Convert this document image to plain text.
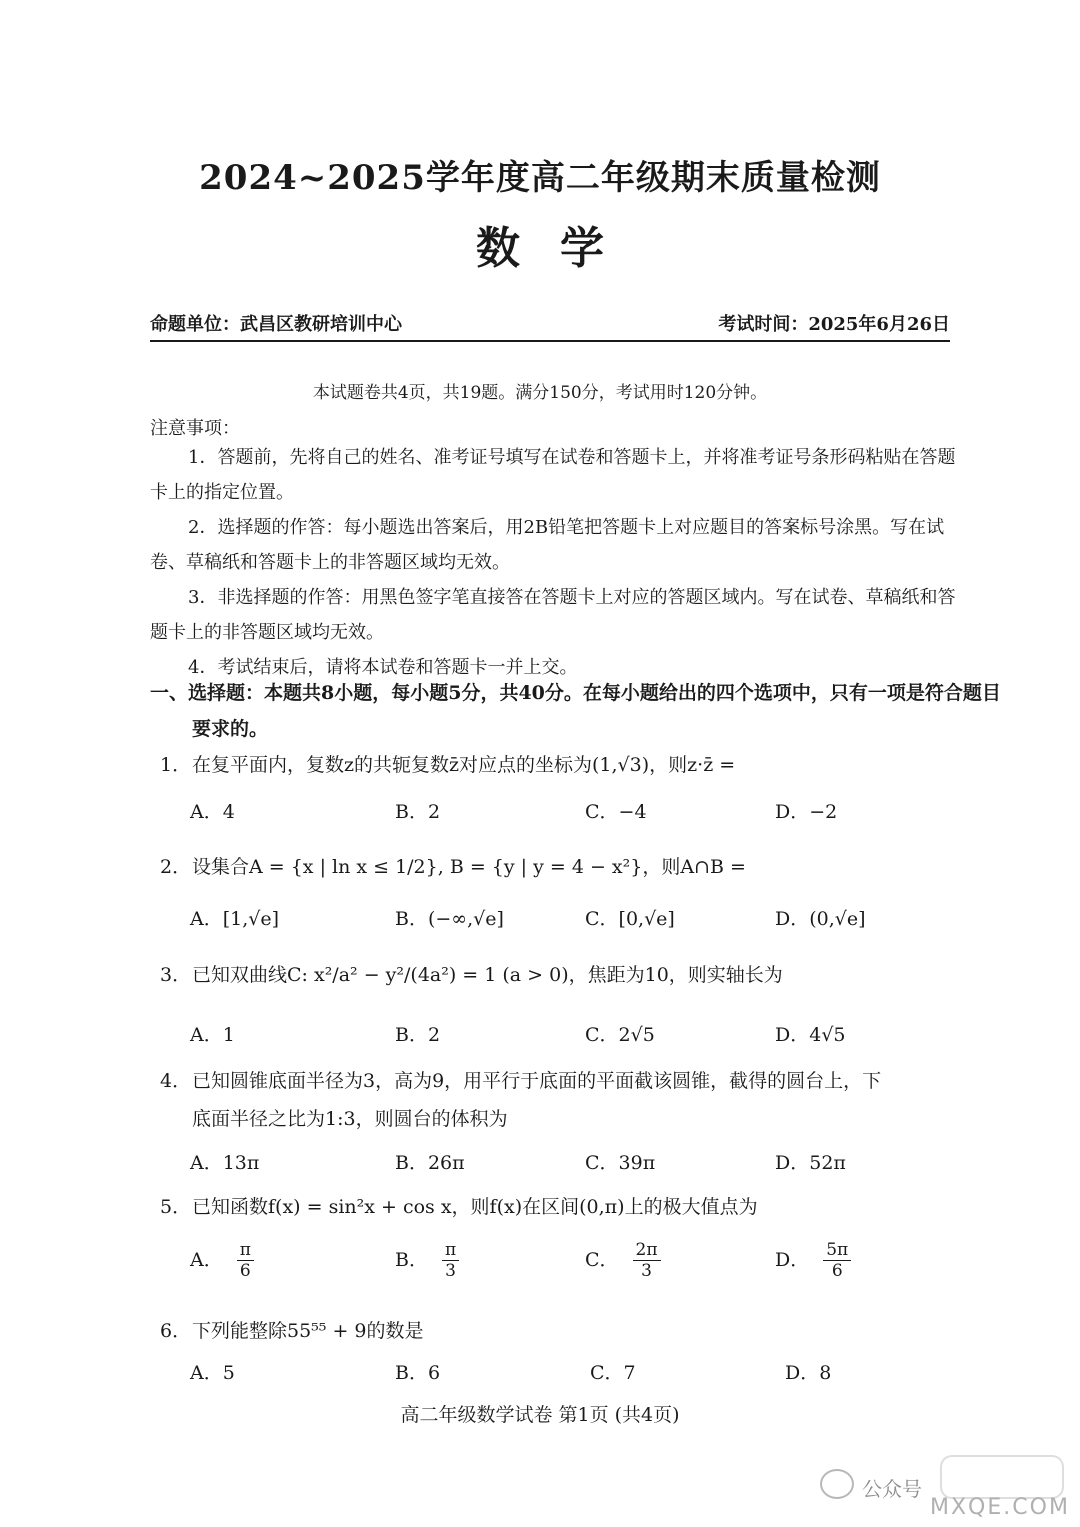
2024~2025学年度高二年级期末质量检测
数学
命题单位：武昌区教研培训中心	考试时间：2025年6月26日
本试题卷共4页，共19题。满分150分，考试用时120分钟。
注意事项：

1．答题前，先将自己的姓名、准考证号填写在试卷和答题卡上，并将准考证号条形码粘贴在答题卡上的指定位置。

2．选择题的作答：每小题选出答案后，用2B铅笔把答题卡上对应题目的答案标号涂黑。写在试卷、草稿纸和答题卡上的非答题区域均无效。

3．非选择题的作答：用黑色签字笔直接答在答题卡上对应的答题区域内。写在试卷、草稿纸和答题卡上的非答题区域均无效。

4．考试结束后，请将本试卷和答题卡一并上交。

一、选择题：本题共8小题，每小题5分，共40分。在每小题给出的四个选项中，只有一项是符合题目要求的。
1．在复平面内，复数z的共轭复数z̄对应点的坐标为(1,√3)，则z·z̄ =
A．4	B．2	C．−4	D．−2
2．设集合A = {x | ln x ≤ 1/2}, B = {y | y = 4 − x²}，则A∩B =
A．[1,√e]	B．(−∞,√e]	C．[0,√e]	D．(0,√e]
3．已知双曲线C: x²/a² − y²/(4a²) = 1 (a > 0)，焦距为10，则实轴长为
A．1	B．2	C．2√5	D．4√5
4．已知圆锥底面半径为3，高为9，用平行于底面的平面截该圆锥，截得的圆台上，下
底面半径之比为1:3，则圆台的体积为
A．13π	B．26π	C．39π	D．52π
5．已知函数f(x) = sin²x + cos x，则f(x)在区间(0,π)上的极大值点为
A． $\frac{\pi}{6}$	B． $\frac{\pi}{3}$	C． $\frac{2\pi}{3}$	D． $\frac{5\pi}{6}$
6．下列能整除55⁵⁵ + 9的数是
A．5	B．6	C．7	D．8
高二年级数学试卷 第1页 (共4页)
公众号
MXQE.COM
